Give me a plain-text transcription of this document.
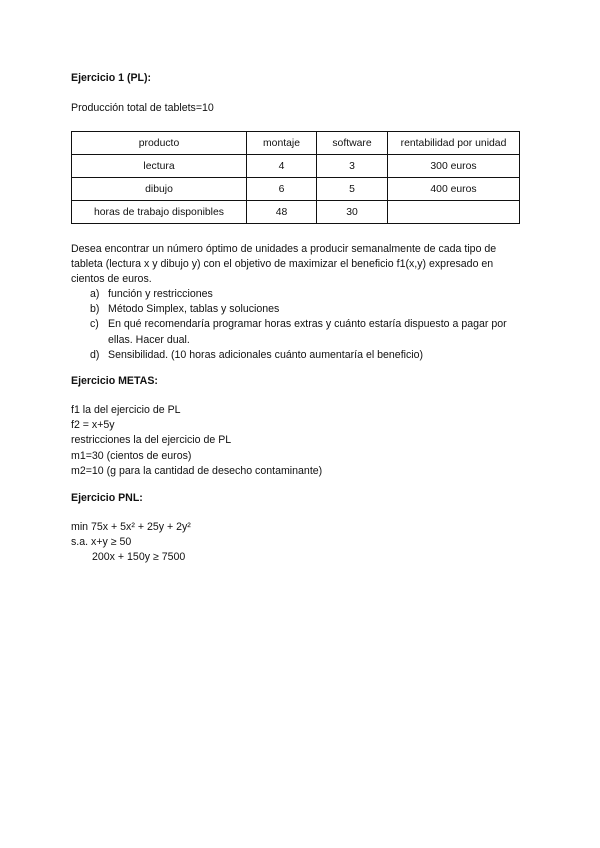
Ejercicio 1 (PL):
Producción total de tablets=10
producto	montaje	software	rentabilidad por unidad
lectura	4	3	300 euros
dibujo	6	5	400 euros
horas de trabajo disponibles	48	30	
Desea encontrar un número óptimo de unidades a producir semanalmente de cada tipo de
tableta (lectura x y dibujo y) con el objetivo de maximizar el beneficio f1(x,y) expresado en
cientos de euros.
a) función y restricciones
b) Método Simplex, tablas y soluciones
c) En qué recomendaría programar horas extras y cuánto estaría dispuesto a pagar por
ellas. Hacer dual.
d) Sensibilidad. (10 horas adicionales cuánto aumentaría el beneficio)
Ejercicio METAS:
f1 la del ejercicio de PL
f2 = x+5y
restricciones la del ejercicio de PL
m1=30 (cientos de euros)
m2=10 (g para la cantidad de desecho contaminante)
Ejercicio PNL:
min 75x + 5x² + 25y + 2y²
s.a. x+y ≥ 50
200x + 150y ≥ 7500
